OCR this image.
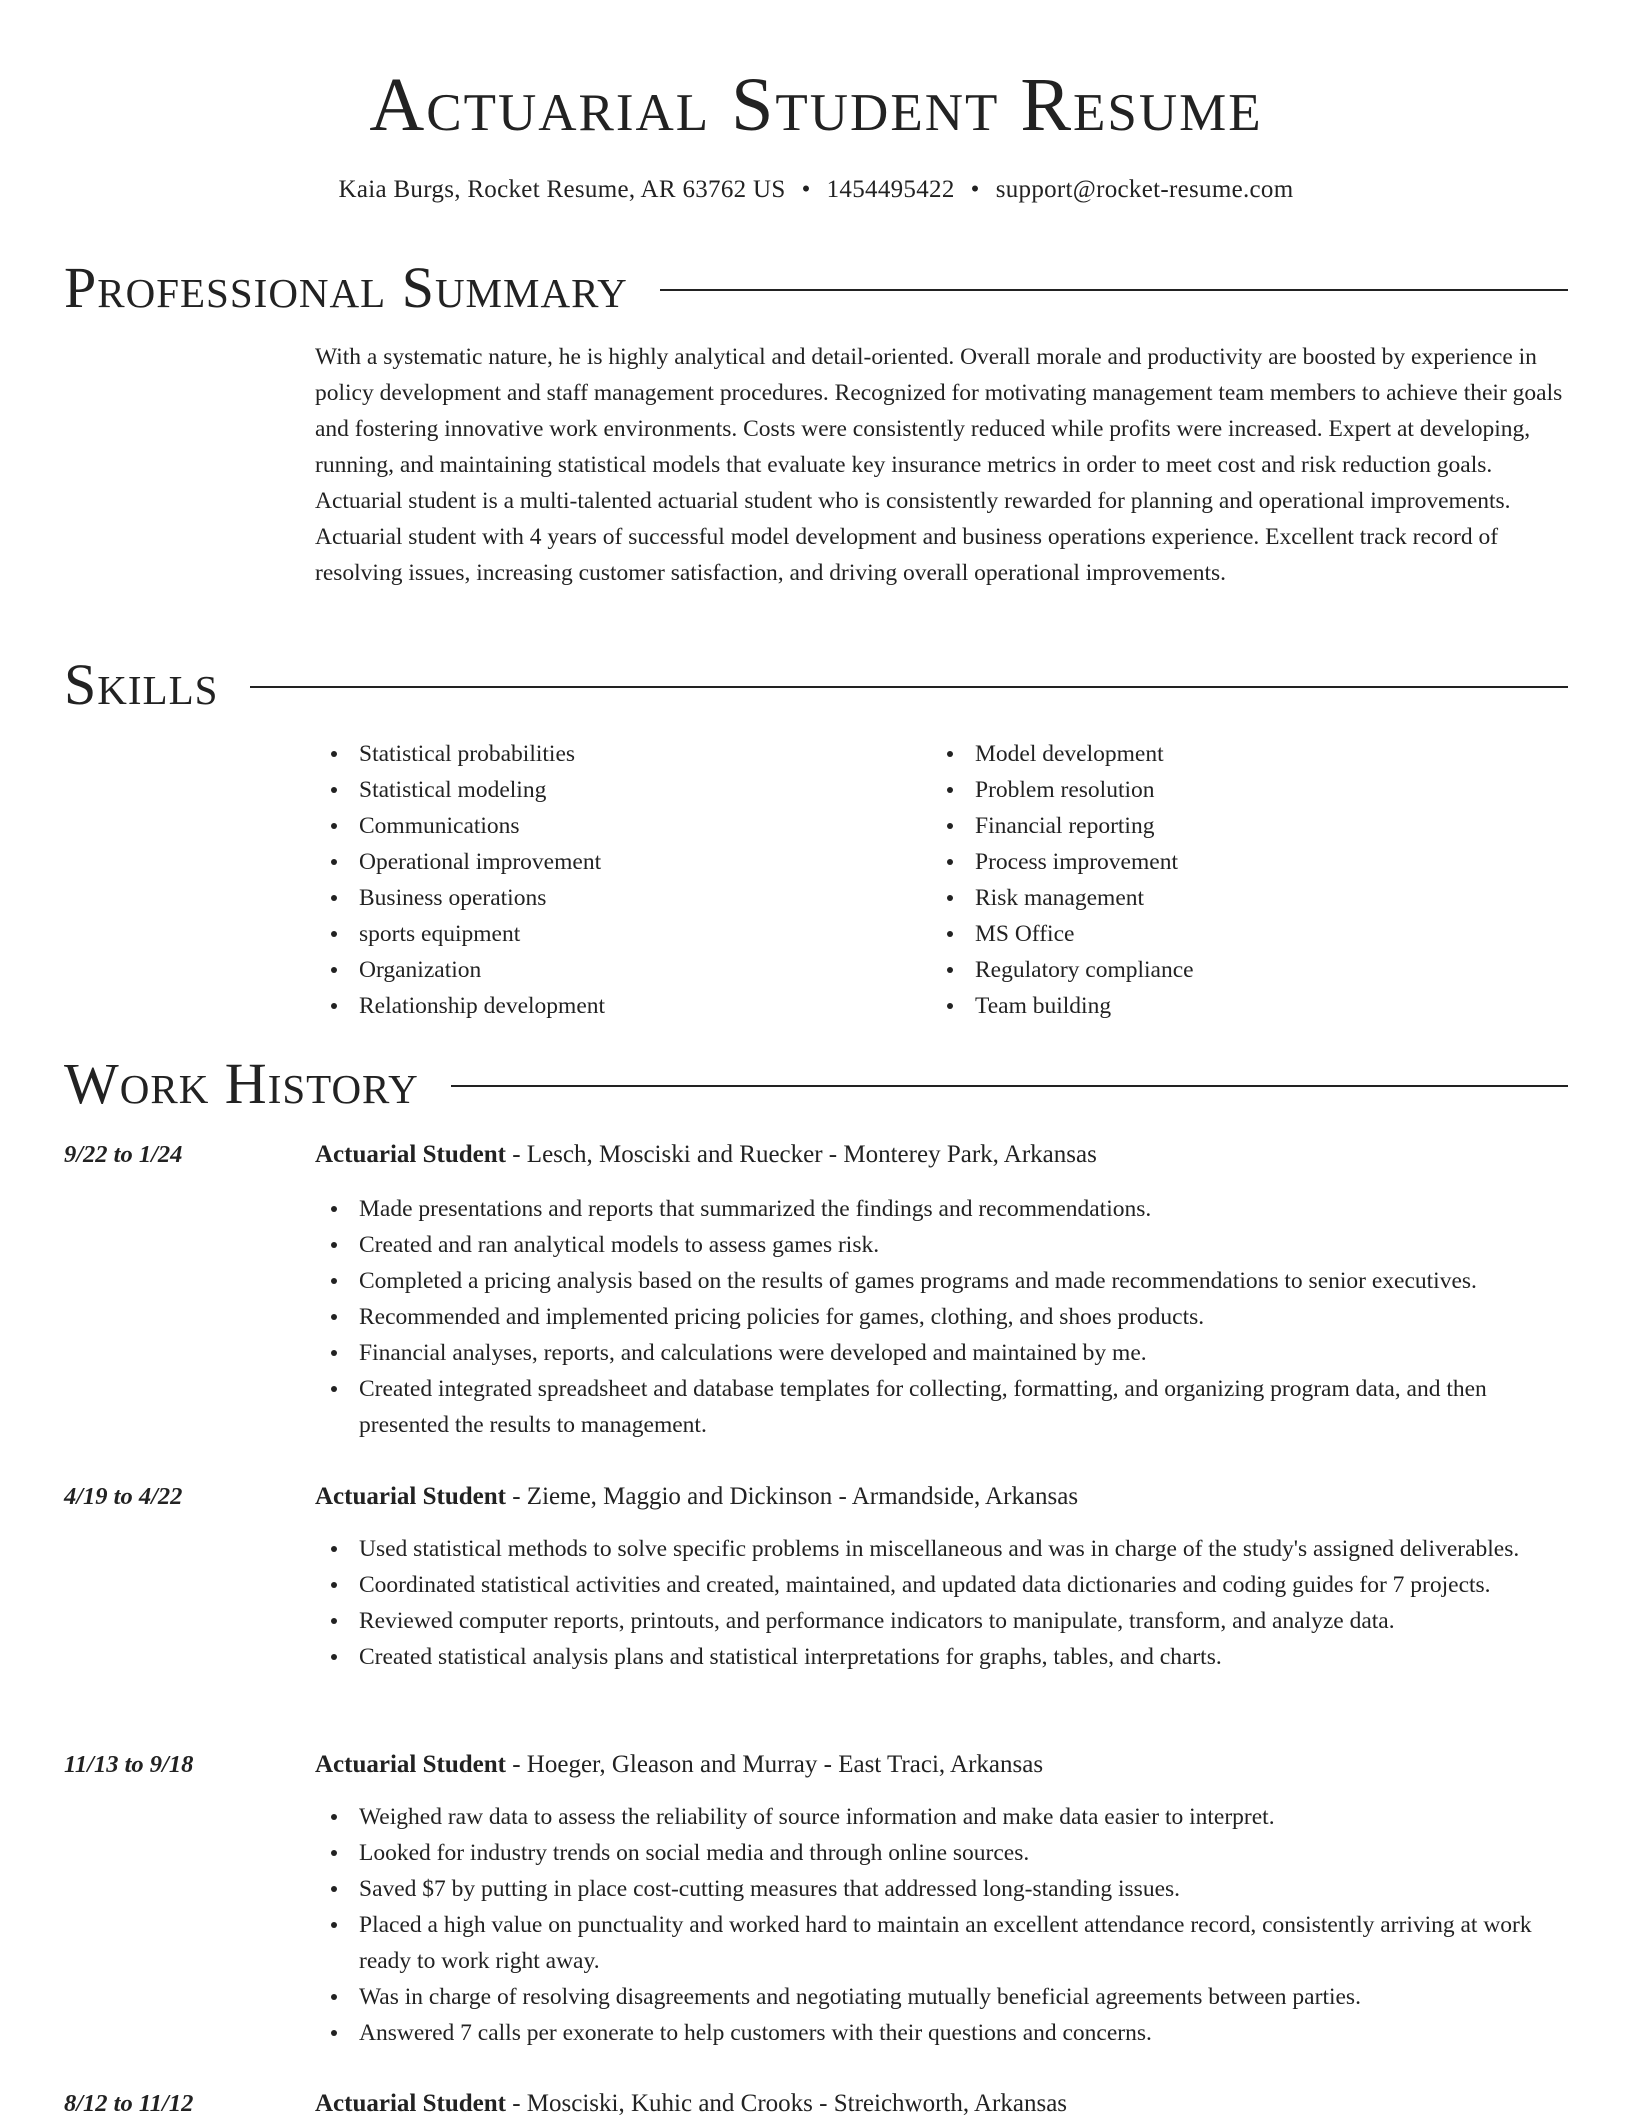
Actuarial Student Resume
Kaia Burgs, Rocket Resume, AR 63762 US • 1454495422 • support@rocket-resume.com
Professional Summary

With a systematic nature, he is highly analytical and detail-oriented. Overall morale and productivity are boosted by experience in policy development and staff management procedures. Recognized for motivating management team members to achieve their goals and fostering innovative work environments. Costs were consistently reduced while profits were increased. Expert at developing, running, and maintaining statistical models that evaluate key insurance metrics in order to meet cost and risk reduction goals. Actuarial student is a multi-talented actuarial student who is consistently rewarded for planning and operational improvements. Actuarial student with 4 years of successful model development and business operations experience. Excellent track record of resolving issues, increasing customer satisfaction, and driving overall operational improvements.

Skills
Statistical probabilities
Statistical modeling
Communications
Operational improvement
Business operations
sports equipment
Organization
Relationship development
Model development
Problem resolution
Financial reporting
Process improvement
Risk management
MS Office
Regulatory compliance
Team building
Work History
9/22 to 1/24	Actuarial Student - Lesch, Mosciski and Ruecker - Monterey Park, Arkansas
Made presentations and reports that summarized the findings and recommendations.
Created and ran analytical models to assess games risk.
Completed a pricing analysis based on the results of games programs and made recommendations to senior executives.
Recommended and implemented pricing policies for games, clothing, and shoes products.
Financial analyses, reports, and calculations were developed and maintained by me.
Created integrated spreadsheet and database templates for collecting, formatting, and organizing program data, and then presented the results to management.
4/19 to 4/22	Actuarial Student - Zieme, Maggio and Dickinson - Armandside, Arkansas
Used statistical methods to solve specific problems in miscellaneous and was in charge of the study's assigned deliverables.
Coordinated statistical activities and created, maintained, and updated data dictionaries and coding guides for 7 projects.
Reviewed computer reports, printouts, and performance indicators to manipulate, transform, and analyze data.
Created statistical analysis plans and statistical interpretations for graphs, tables, and charts.
11/13 to 9/18	Actuarial Student - Hoeger, Gleason and Murray - East Traci, Arkansas
Weighed raw data to assess the reliability of source information and make data easier to interpret.
Looked for industry trends on social media and through online sources.
Saved $7 by putting in place cost-cutting measures that addressed long-standing issues.
Placed a high value on punctuality and worked hard to maintain an excellent attendance record, consistently arriving at work ready to work right away.
Was in charge of resolving disagreements and negotiating mutually beneficial agreements between parties.
Answered 7 calls per exonerate to help customers with their questions and concerns.
8/12 to 11/12	Actuarial Student - Mosciski, Kuhic and Crooks - Streichworth, Arkansas
